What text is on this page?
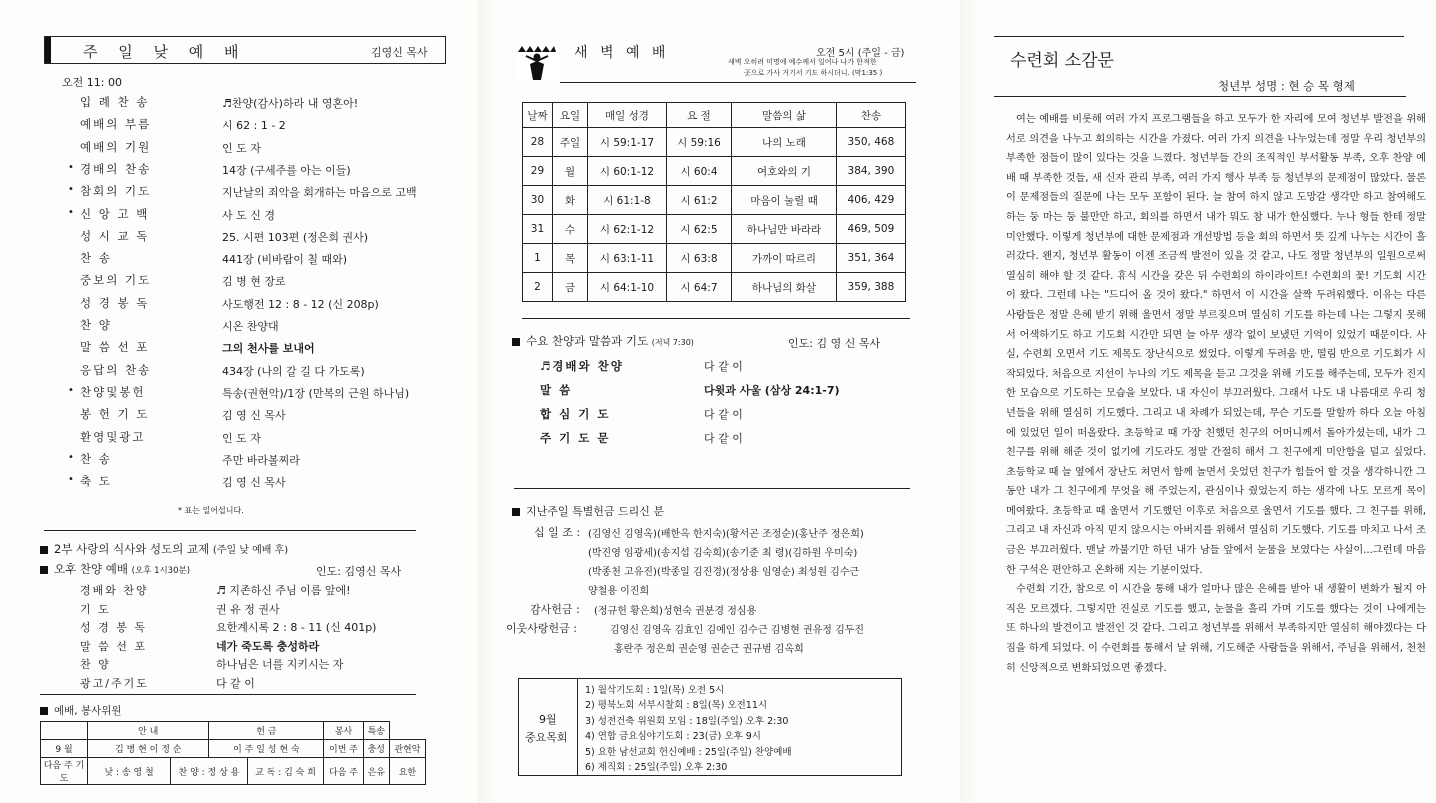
주 일 낮 예 배	김영신 목사
오전 11: 00
입 례 찬 송	♬찬양(감사)하라 내 영혼아!
예배의 부름	시 62 : 1 - 2
예배의 기원	인 도 자
• 경배의 찬송	14장 (구세주를 아는 이들)
• 참회의 기도	지난날의 죄악을 회개하는 마음으로 고백
• 신 앙 고 백	사 도 신 경
성 시 교 독	25. 시편 103편 (정은희 권사)
찬 송	441장 (비바람이 칠 때와)
중보의 기도	김 병 현 장로
성 경 봉 독	사도행전 12 : 8 - 12 (신 208p)
찬 양	시온 찬양대
말 씀 선 포	그의 천사를 보내어
응답의 찬송	434장 (나의 갈 길 다 가도록)
• 찬양및봉헌	특송(권현악)/1장 (만복의 근원 하나님)
봉 헌 기 도	김 영 신 목사
환영및광고	인 도 자
• 찬 송	주만 바라볼찌라
• 축 도	김 영 신 목사
* 표는 일어섭니다.
2부 사랑의 식사와 성도의 교제 (주일 낮 예배 후)
오후 찬양 예배 (오후 1시30분)	인도: 김영신 목사
경배와 찬양	♬ 지존하신 주님 이름 앞에!
기 도	권 유 정 권사
성 경 봉 독	요한계시록 2 : 8 - 11 (신 401p)
말 씀 선 포	네가 죽도록 충성하라
찬 양	하나님은 너를 지키시는 자
광고/주기도	다 같 이
예배, 봉사위원
	안 내		헌 금		봉사	특송	
9 월	김 병 현 이 정 순		이 주 일 성 현 숙		이번 주	충성	관현악
다음 주 기도	낮 : 송 영 철	찬 양 : 정 상 용		교 독 : 김 숙 희	다음 주	은유	요한
새 벽 예 배	오전 5시 (주일 - 금)
새벽 오히려 미명에 예수께서 일어나 나가 한적한
곳으로 가사 거기서 기도 하시더니. (막1:35 )
날짜	요일	매일 성경	요 절	말씀의 삶	찬송
28	주일	시 59:1-17	시 59:16	나의 노래	350, 468
29	월	시 60:1-12	시 60:4	여호와의 기	384, 390
30	화	시 61:1-8	시 61:2	마음이 눌릴 때	406, 429
31	수	시 62:1-12	시 62:5	하나님만 바라라	469, 509
1	목	시 63:1-11	시 63:8	가까이 따르리	351, 364
2	금	시 64:1-10	시 64:7	하나님의 화살	359, 388
수요 찬양과 말씀과 기도 (저녁 7:30)	인도: 김 영 신 목사
♬경배와 찬양	다 같 이
말 씀	다윗과 사울 (삼상 24:1-7)
합 심 기 도	다 같 이
주 기 도 문	다 같 이
지난주일 특별헌금 드리신 분
십 일 조 : (김영신 김영옥)(배한옥 한지숙)(황서곤 조정순)(홍난주 정은희)
(박진영 임광세)(송지섭 김숙희)(송기준 최 령)(김하원 우미숙)
(박종천 고유진)(박종일 김진경)(정상용 임영순) 최성원 김수근
양철용 이진희
감사헌금 : (정규헌 황은희)성현숙 권분경 정심용
이웃사랑헌금 :	김영신 김영옥 김효인 김예인 김수근 김병현 권유정 김두진
홍란주 정은희 권순영 권순근 권규범 김옥희
9월
중요목회
1) 월삭기도회 : 1일(목) 오전 5시
2) 평북노회 서부시찰회 : 8일(목) 오전11시
3) 성전건축 위원회 모임 : 18일(주일) 오후 2:30
4) 연합 금요심야기도회 : 23(금) 오후 9시
5) 요한 남선교회 헌신예배 : 25일(주일) 찬양예배
6) 제직회 : 25일(주일) 오후 2:30
수련회 소감문
청년부 성명 : 현 승 목 형제

여는 예배를 비롯해 여러 가지 프로그램들을 하고 모두가 한 자리에 모여 청년부 발전을 위해 서로 의견을 나누고 회의하는 시간을 가졌다. 여러 가지 의견을 나누었는데 정말 우리 청년부의 부족한 점들이 많이 있다는 것을 느꼈다. 청년부들 간의 조직적인 부서활동 부족, 오후 찬양 예배 때 부족한 것들, 새 신자 관리 부족, 여러 가지 행사 부족 등 청년부의 문제점이 많았다. 물론 이 문제점들의 질문에 나는 모두 포함이 된다. 늘 참여 하지 않고 도망갈 생각만 하고 참여해도 하는 둥 마는 둥 불만만 하고, 회의를 하면서 내가 뭐도 참 내가 한심했다. 누나 형들 한테 정말 미안했다. 이렇게 청년부에 대한 문제점과 개선방법 등을 회의 하면서 뜻 깊게 나누는 시간이 흘러갔다. 왠지, 청년부 활동이 이젠 조금씩 발전이 있을 것 같고, 나도 정말 청년부의 일원으로써 열심히 해야 할 것 같다. 휴식 시간을 갖은 뒤 수련회의 하이라이트! 수련회의 꽃! 기도회 시간이 왔다. 그런데 나는 "드디어 올 것이 왔다." 하면서 이 시간을 살짝 두려워했다. 이유는 다른 사람들은 정말 은혜 받기 위해 울면서 정말 부르짖으며 열심히 기도를 하는데 나는 그렇지 못해서 어색하기도 하고 기도회 시간만 되면 늘 아무 생각 없이 보냈던 기억이 있었기 때문이다. 사실, 수련회 오면서 기도 제목도 장난식으로 썼었다. 이렇게 두려움 반, 떨림 반으로 기도회가 시작되었다. 처음으로 지선이 누나의 기도 제목을 듣고 그것을 위해 기도를 해주는데, 모두가 진지한 모습으로 기도하는 모습을 보았다. 내 자신이 부끄러웠다. 그래서 나도 내 나름대로 우리 청년들을 위해 열심히 기도했다. 그리고 내 차례가 되었는데, 무슨 기도를 말할까 하다 오늘 아침에 있었던 일이 떠올랐다. 초등학교 때 가장 친했던 친구의 어머니께서 돌아가셨는데, 내가 그 친구를 위해 해준 것이 없기에 기도라도 정말 간절히 해서 그 친구에게 미안함을 덜고 싶었다. 초등학교 때 늘 옆에서 장난도 쳐면서 함께 놀면서 웃었던 친구가 힘들어 할 것을 생각하니깐 그 동안 내가 그 친구에게 무엇을 해 주었는지, 관심이나 줬었는지 하는 생각에 나도 모르게 목이 메여왔다. 초등학교 때 울면서 기도했던 이후로 처음으로 울면서 기도를 했다. 그 친구를 위해, 그리고 내 자신과 아직 믿지 않으시는 아버지를 위해서 열심히 기도했다. 기도를 마치고 나서 조금은 부끄러웠다. 맨날 까불기만 하던 내가 남들 앞에서 눈물을 보였다는 사실이...그런데 마음 한 구석은 편안하고 온화해 지는 기분이었다.

수련회 기간, 참으로 이 시간을 통해 내가 얼마나 많은 은혜를 받아 내 생활이 변화가 될지 아직은 모르겠다. 그렇지만 진실로 기도를 했고, 눈물을 흘리 가며 기도를 했다는 것이 나에게는 또 하나의 발견이고 발전인 것 같다. 그리고 청년부를 위해서 부족하지만 열심히 해야겠다는 다짐을 하게 되었다. 이 수련회를 통해서 날 위해, 기도해준 사람들을 위해서, 주님을 위해서, 천천히 신앙적으로 변화되었으면 좋겠다.
